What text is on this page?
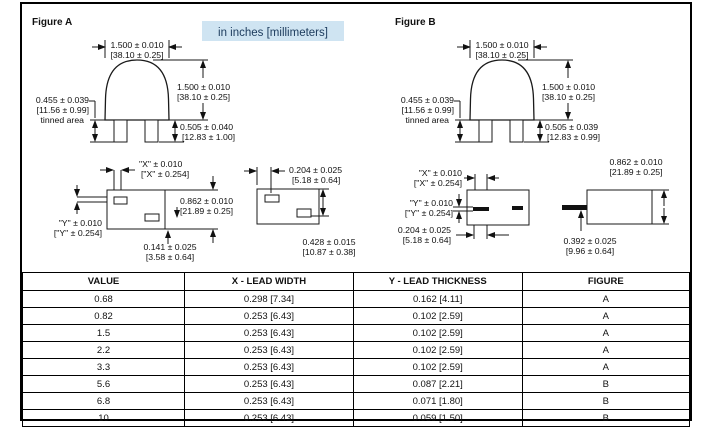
Figure A
in inches [millimeters]
Figure B
1.500 ± 0.010
[38.10 ± 0.25]
1.500 ± 0.010
[38.10 ± 0.25]
0.455 ± 0.039
[11.56 ± 0.99]
tinned area
0.505 ± 0.040
[12.83 ± 1.00]
1.500 ± 0.010
[38.10 ± 0.25]
1.500 ± 0.010
[38.10 ± 0.25]
0.455 ± 0.039
[11.56 ± 0.99]
tinned area
0.505 ± 0.039
[12.83 ± 0.99]
"X" ± 0.010
["X" ± 0.254]
"Y" ± 0.010
["Y" ± 0.254]
0.862 ± 0.010
[21.89 ± 0.25]
0.141 ± 0.025
[3.58 ± 0.64]
0.204 ± 0.025
[5.18 ± 0.64]
0.428 ± 0.015
[10.87 ± 0.38]
"X" ± 0.010
["X" ± 0.254]
"Y" ± 0.010
["Y" ± 0.254]
0.204 ± 0.025
[5.18 ± 0.64]
0.862 ± 0.010
[21.89 ± 0.25]
0.392 ± 0.025
[9.96 ± 0.64]
VALUE	X - LEAD WIDTH	Y - LEAD THICKNESS	FIGURE
0.68	0.298 [7.34]	0.162 [4.11]	A
0.82	0.253 [6.43]	0.102 [2.59]	A
1.5	0.253 [6.43]	0.102 [2.59]	A
2.2	0.253 [6.43]	0.102 [2.59]	A
3.3	0.253 [6.43]	0.102 [2.59]	A
5.6	0.253 [6.43]	0.087 [2.21]	B
6.8	0.253 [6.43]	0.071 [1.80]	B
10	0.253 [6.43]	0.059 [1.50]	B
